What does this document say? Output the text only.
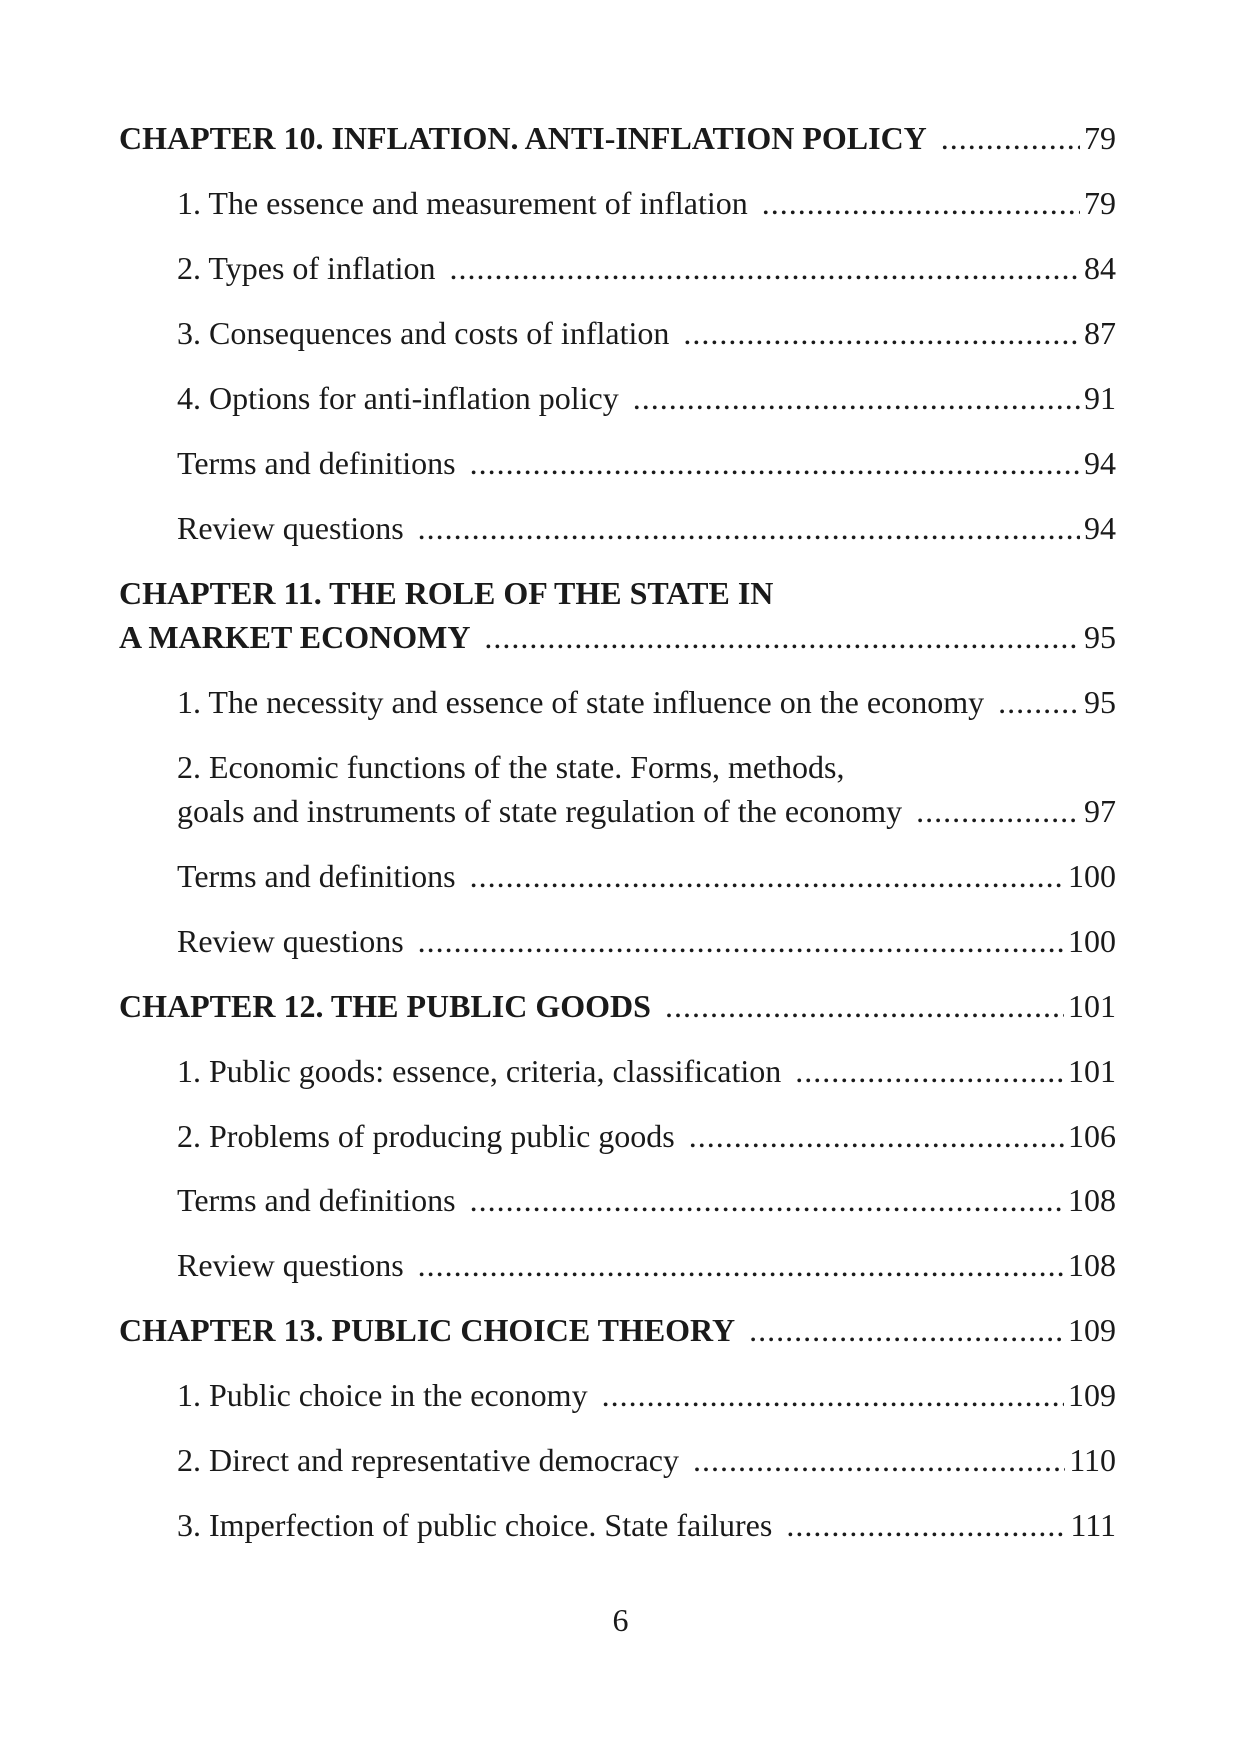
CHAPTER 10. INFLATION. ANTI-INFLATION POLICY .....	79
1. The essence and measurement of inflation .....	79
2. Types of inflation .....	84
3. Consequences and costs of inflation .....	87
4. Options for anti-inflation policy .....	91
Terms and definitions .....	94
Review questions .....	94
CHAPTER 11. THE ROLE OF THE STATE IN
A MARKET ECONOMY .....	95
1. The necessity and essence of state influence on the economy .....	95
2. Economic functions of the state. Forms, methods,
goals and instruments of state regulation of the economy .....	97
Terms and definitions .....	100
Review questions .....	100
CHAPTER 12. THE PUBLIC GOODS .....	101
1. Public goods: essence, criteria, classification .....	101
2. Problems of producing public goods .....	106
Terms and definitions .....	108
Review questions .....	108
CHAPTER 13. PUBLIC CHOICE THEORY .....	109
1. Public choice in the economy .....	109
2. Direct and representative democracy .....	110
3. Imperfection of public choice. State failures .....	111
6
